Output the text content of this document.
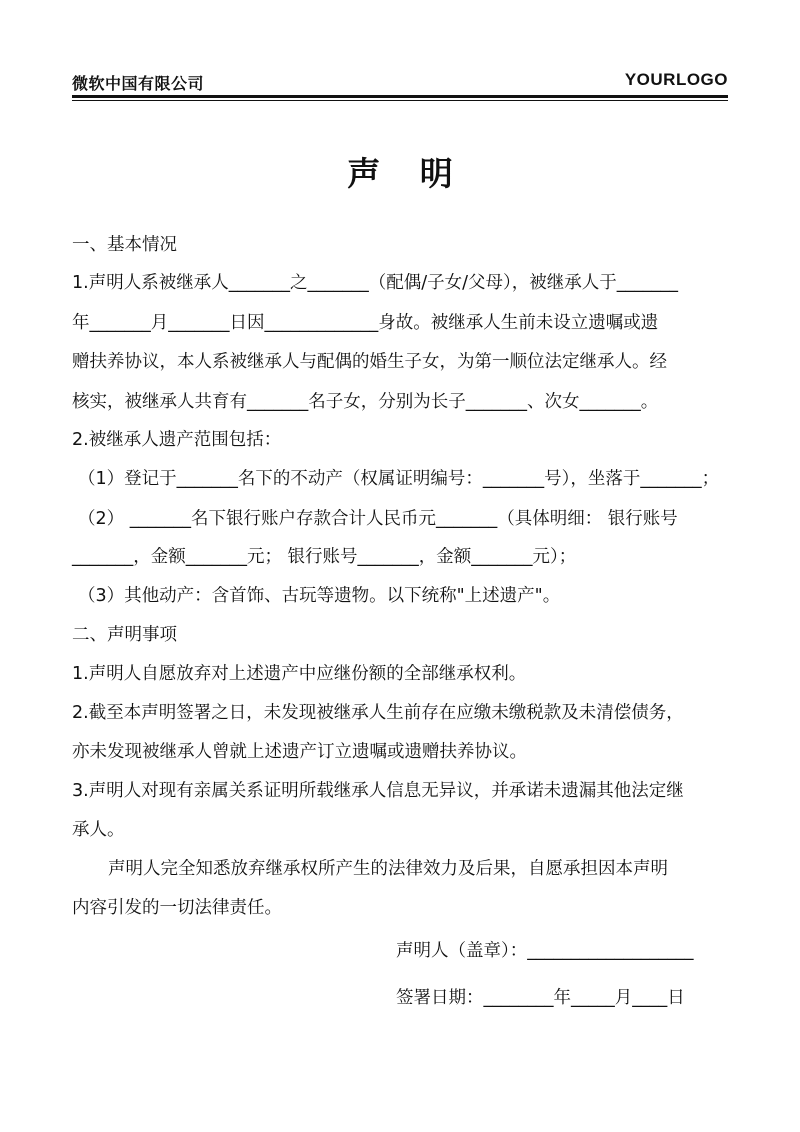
微软中国有限公司	YOURLOGO
声 明
一、基本情况
1.声明人系被继承人_______之_______（配偶/子女/父母），被继承人于_______
年_______月_______日因_____________身故。被继承人生前未设立遗嘱或遗
赠扶养协议，本人系被继承人与配偶的婚生子女，为第一顺位法定继承人。经
核实，被继承人共育有_______名子女，分别为长子_______、次女_______。
2.被继承人遗产范围包括：
（1）登记于_______名下的不动产（权属证明编号：_______号），坐落于_______；
（2） _______名下银行账户存款合计人民币元_______（具体明细： 银行账号
_______，金额_______元； 银行账号_______，金额_______元）；
（3）其他动产：含首饰、古玩等遗物。以下统称"上述遗产"。
二、声明事项
1.声明人自愿放弃对上述遗产中应继份额的全部继承权利。
2.截至本声明签署之日，未发现被继承人生前存在应缴未缴税款及未清偿债务，
亦未发现被继承人曾就上述遗产订立遗嘱或遗赠扶养协议。
3.声明人对现有亲属关系证明所载继承人信息无异议，并承诺未遗漏其他法定继
承人。
声明人完全知悉放弃继承权所产生的法律效力及后果，自愿承担因本声明
内容引发的一切法律责任。
声明人（盖章）：___________________
签署日期：________年_____月____日
